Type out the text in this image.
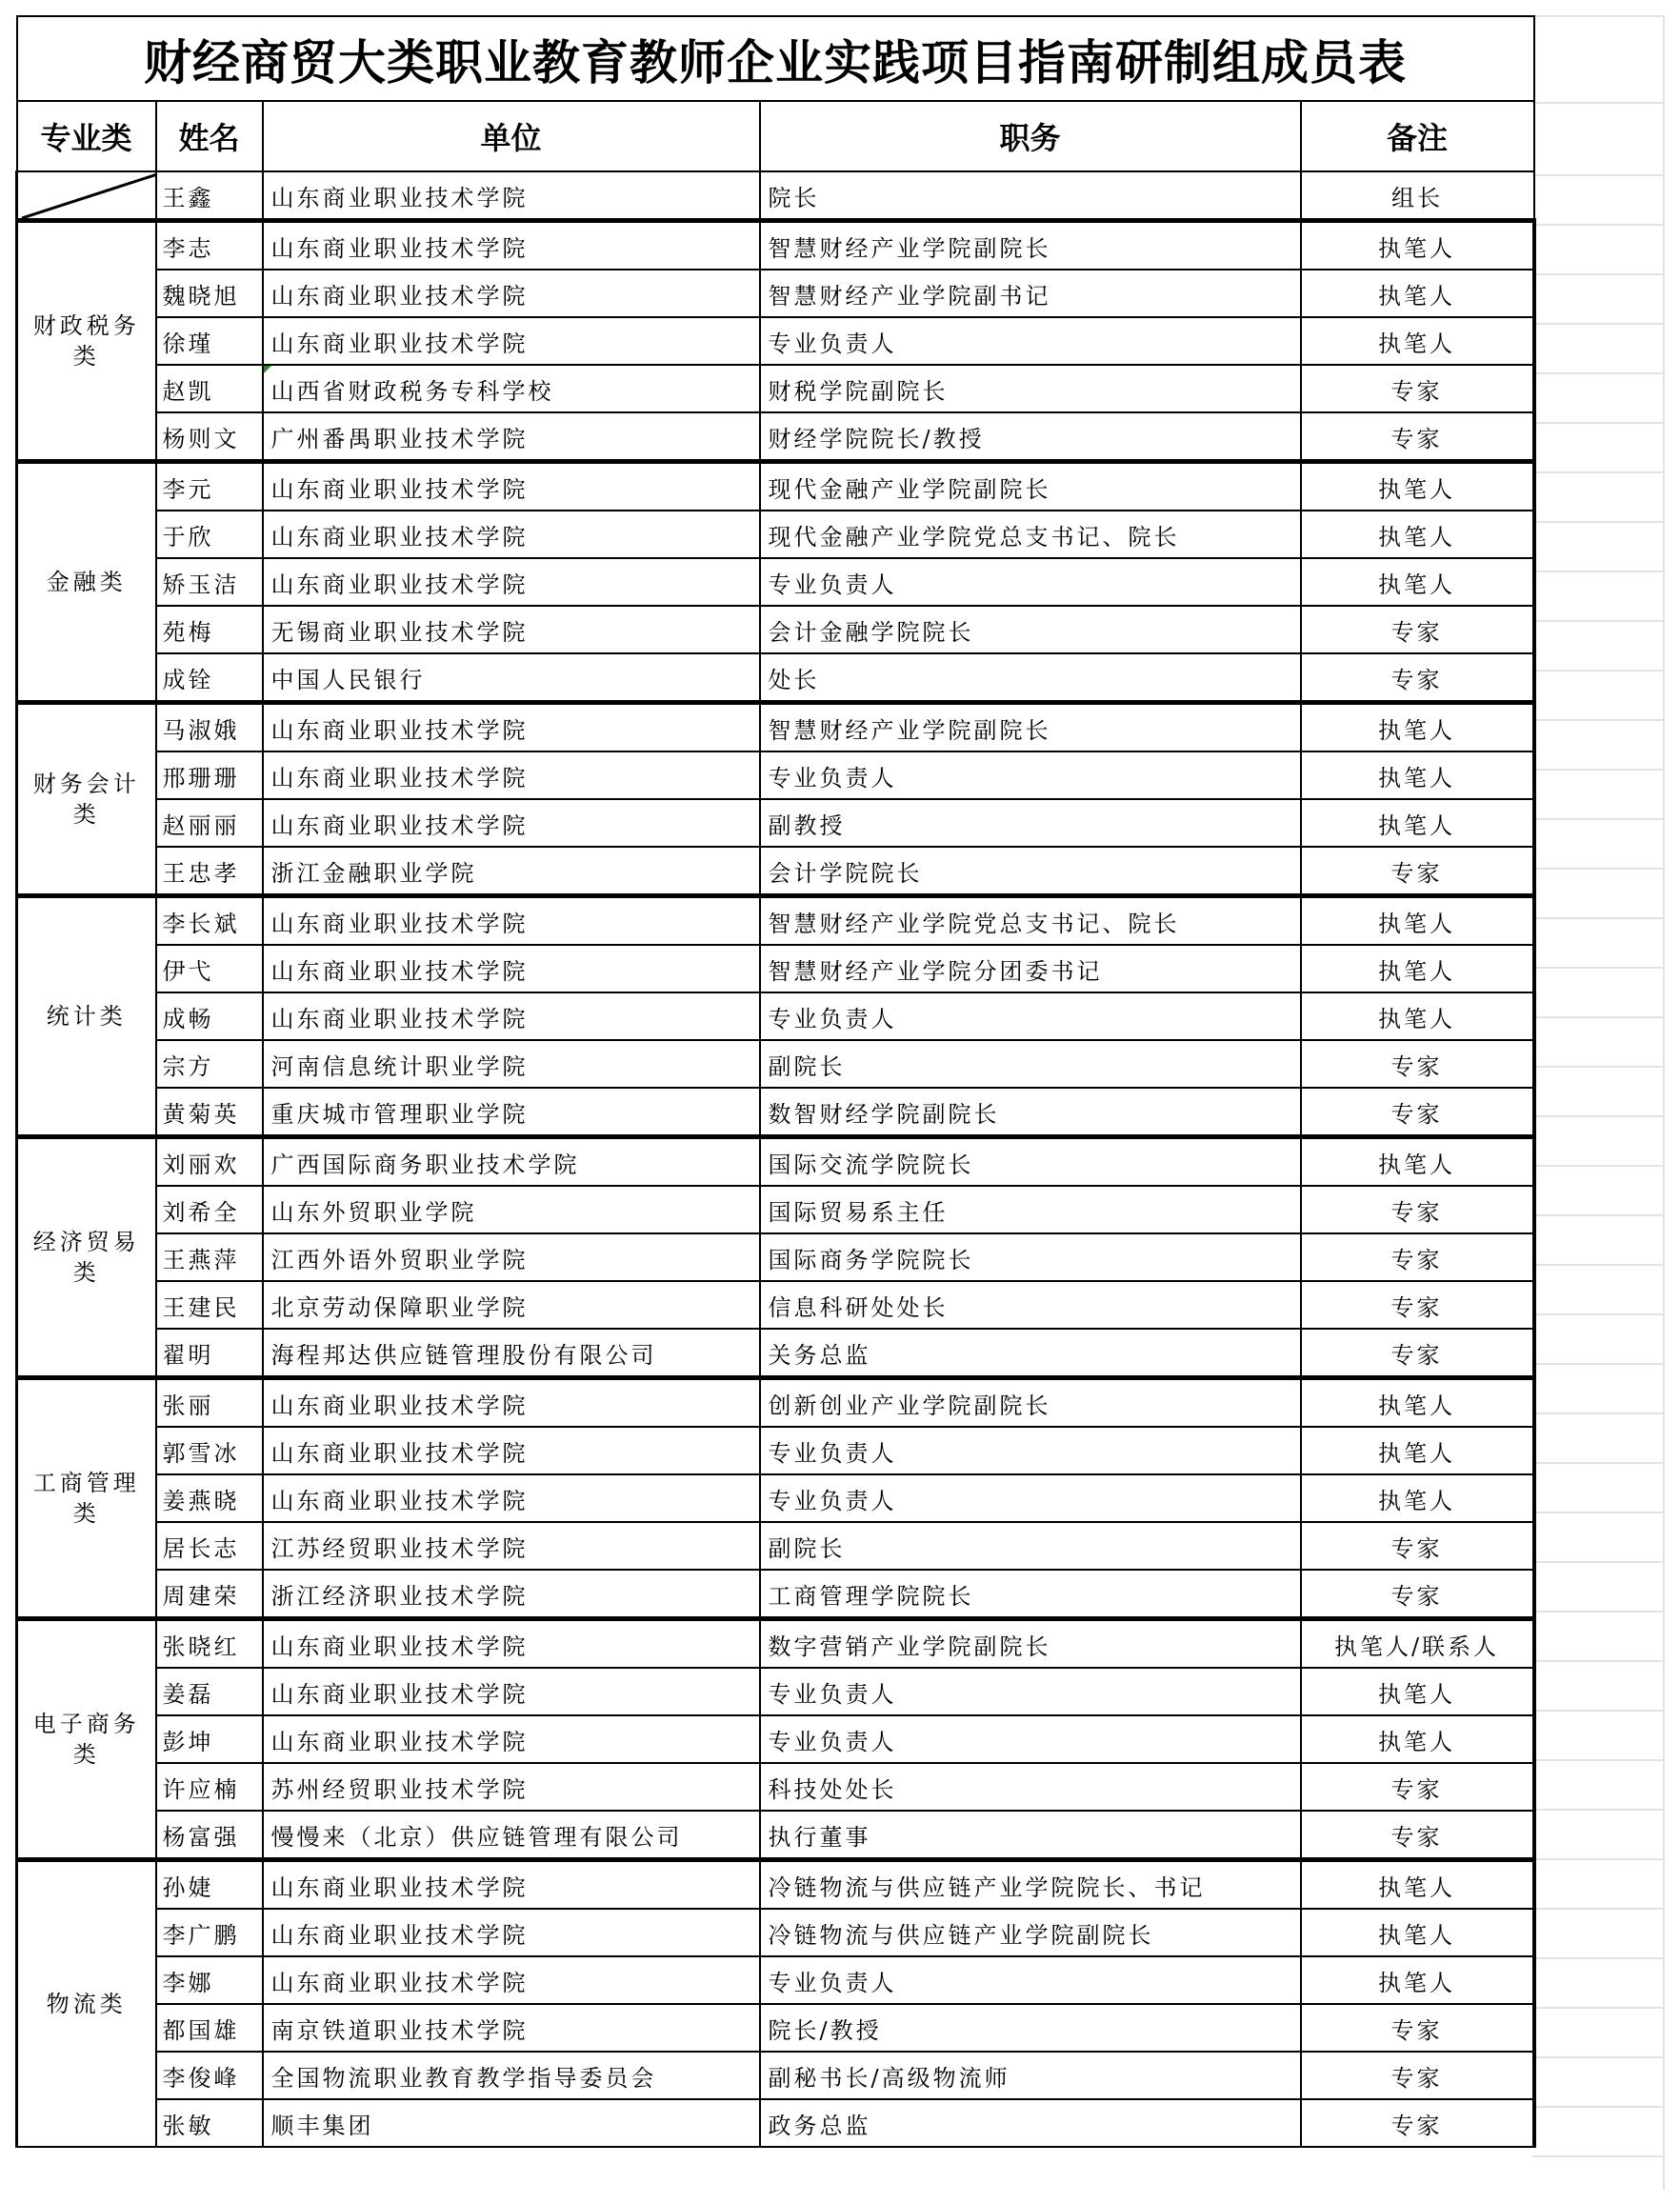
财经商贸大类职业教育教师企业实践项目指南研制组成员表				
专业类	姓名	单位	职务	备注

	王鑫	山东商业职业技术学院	院长	组长
财政税务
类	李志	山东商业职业技术学院	智慧财经产业学院副院长	执笔人
	魏晓旭	山东商业职业技术学院	智慧财经产业学院副书记	执笔人
	徐瑾	山东商业职业技术学院	专业负责人	执笔人
	赵凯	山西省财政税务专科学校	财税学院副院长	专家
	杨则文	广州番禺职业技术学院	财经学院院长/教授	专家
金融类	李元	山东商业职业技术学院	现代金融产业学院副院长	执笔人
	于欣	山东商业职业技术学院	现代金融产业学院党总支书记、院长	执笔人
	矫玉洁	山东商业职业技术学院	专业负责人	执笔人
	苑梅	无锡商业职业技术学院	会计金融学院院长	专家
	成铨	中国人民银行	处长	专家
财务会计
类	马淑娥	山东商业职业技术学院	智慧财经产业学院副院长	执笔人
	邢珊珊	山东商业职业技术学院	专业负责人	执笔人
	赵丽丽	山东商业职业技术学院	副教授	执笔人
	王忠孝	浙江金融职业学院	会计学院院长	专家
统计类	李长斌	山东商业职业技术学院	智慧财经产业学院党总支书记、院长	执笔人
	伊弋	山东商业职业技术学院	智慧财经产业学院分团委书记	执笔人
	成畅	山东商业职业技术学院	专业负责人	执笔人
	宗方	河南信息统计职业学院	副院长	专家
	黄菊英	重庆城市管理职业学院	数智财经学院副院长	专家
经济贸易
类	刘丽欢	广西国际商务职业技术学院	国际交流学院院长	执笔人
	刘希全	山东外贸职业学院	国际贸易系主任	专家
	王燕萍	江西外语外贸职业学院	国际商务学院院长	专家
	王建民	北京劳动保障职业学院	信息科研处处长	专家
	翟明	海程邦达供应链管理股份有限公司	关务总监	专家
工商管理
类	张丽	山东商业职业技术学院	创新创业产业学院副院长	执笔人
	郭雪冰	山东商业职业技术学院	专业负责人	执笔人
	姜燕晓	山东商业职业技术学院	专业负责人	执笔人
	居长志	江苏经贸职业技术学院	副院长	专家
	周建荣	浙江经济职业技术学院	工商管理学院院长	专家
电子商务
类	张晓红	山东商业职业技术学院	数字营销产业学院副院长	执笔人/联系人
	姜磊	山东商业职业技术学院	专业负责人	执笔人
	彭坤	山东商业职业技术学院	专业负责人	执笔人
	许应楠	苏州经贸职业技术学院	科技处处长	专家
	杨富强	慢慢来（北京）供应链管理有限公司	执行董事	专家
物流类	孙婕	山东商业职业技术学院	冷链物流与供应链产业学院院长、书记	执笔人
	李广鹏	山东商业职业技术学院	冷链物流与供应链产业学院副院长	执笔人
	李娜	山东商业职业技术学院	专业负责人	执笔人
	都国雄	南京铁道职业技术学院	院长/教授	专家
	李俊峰	全国物流职业教育教学指导委员会	副秘书长/高级物流师	专家
	张敏	顺丰集团	政务总监	专家
